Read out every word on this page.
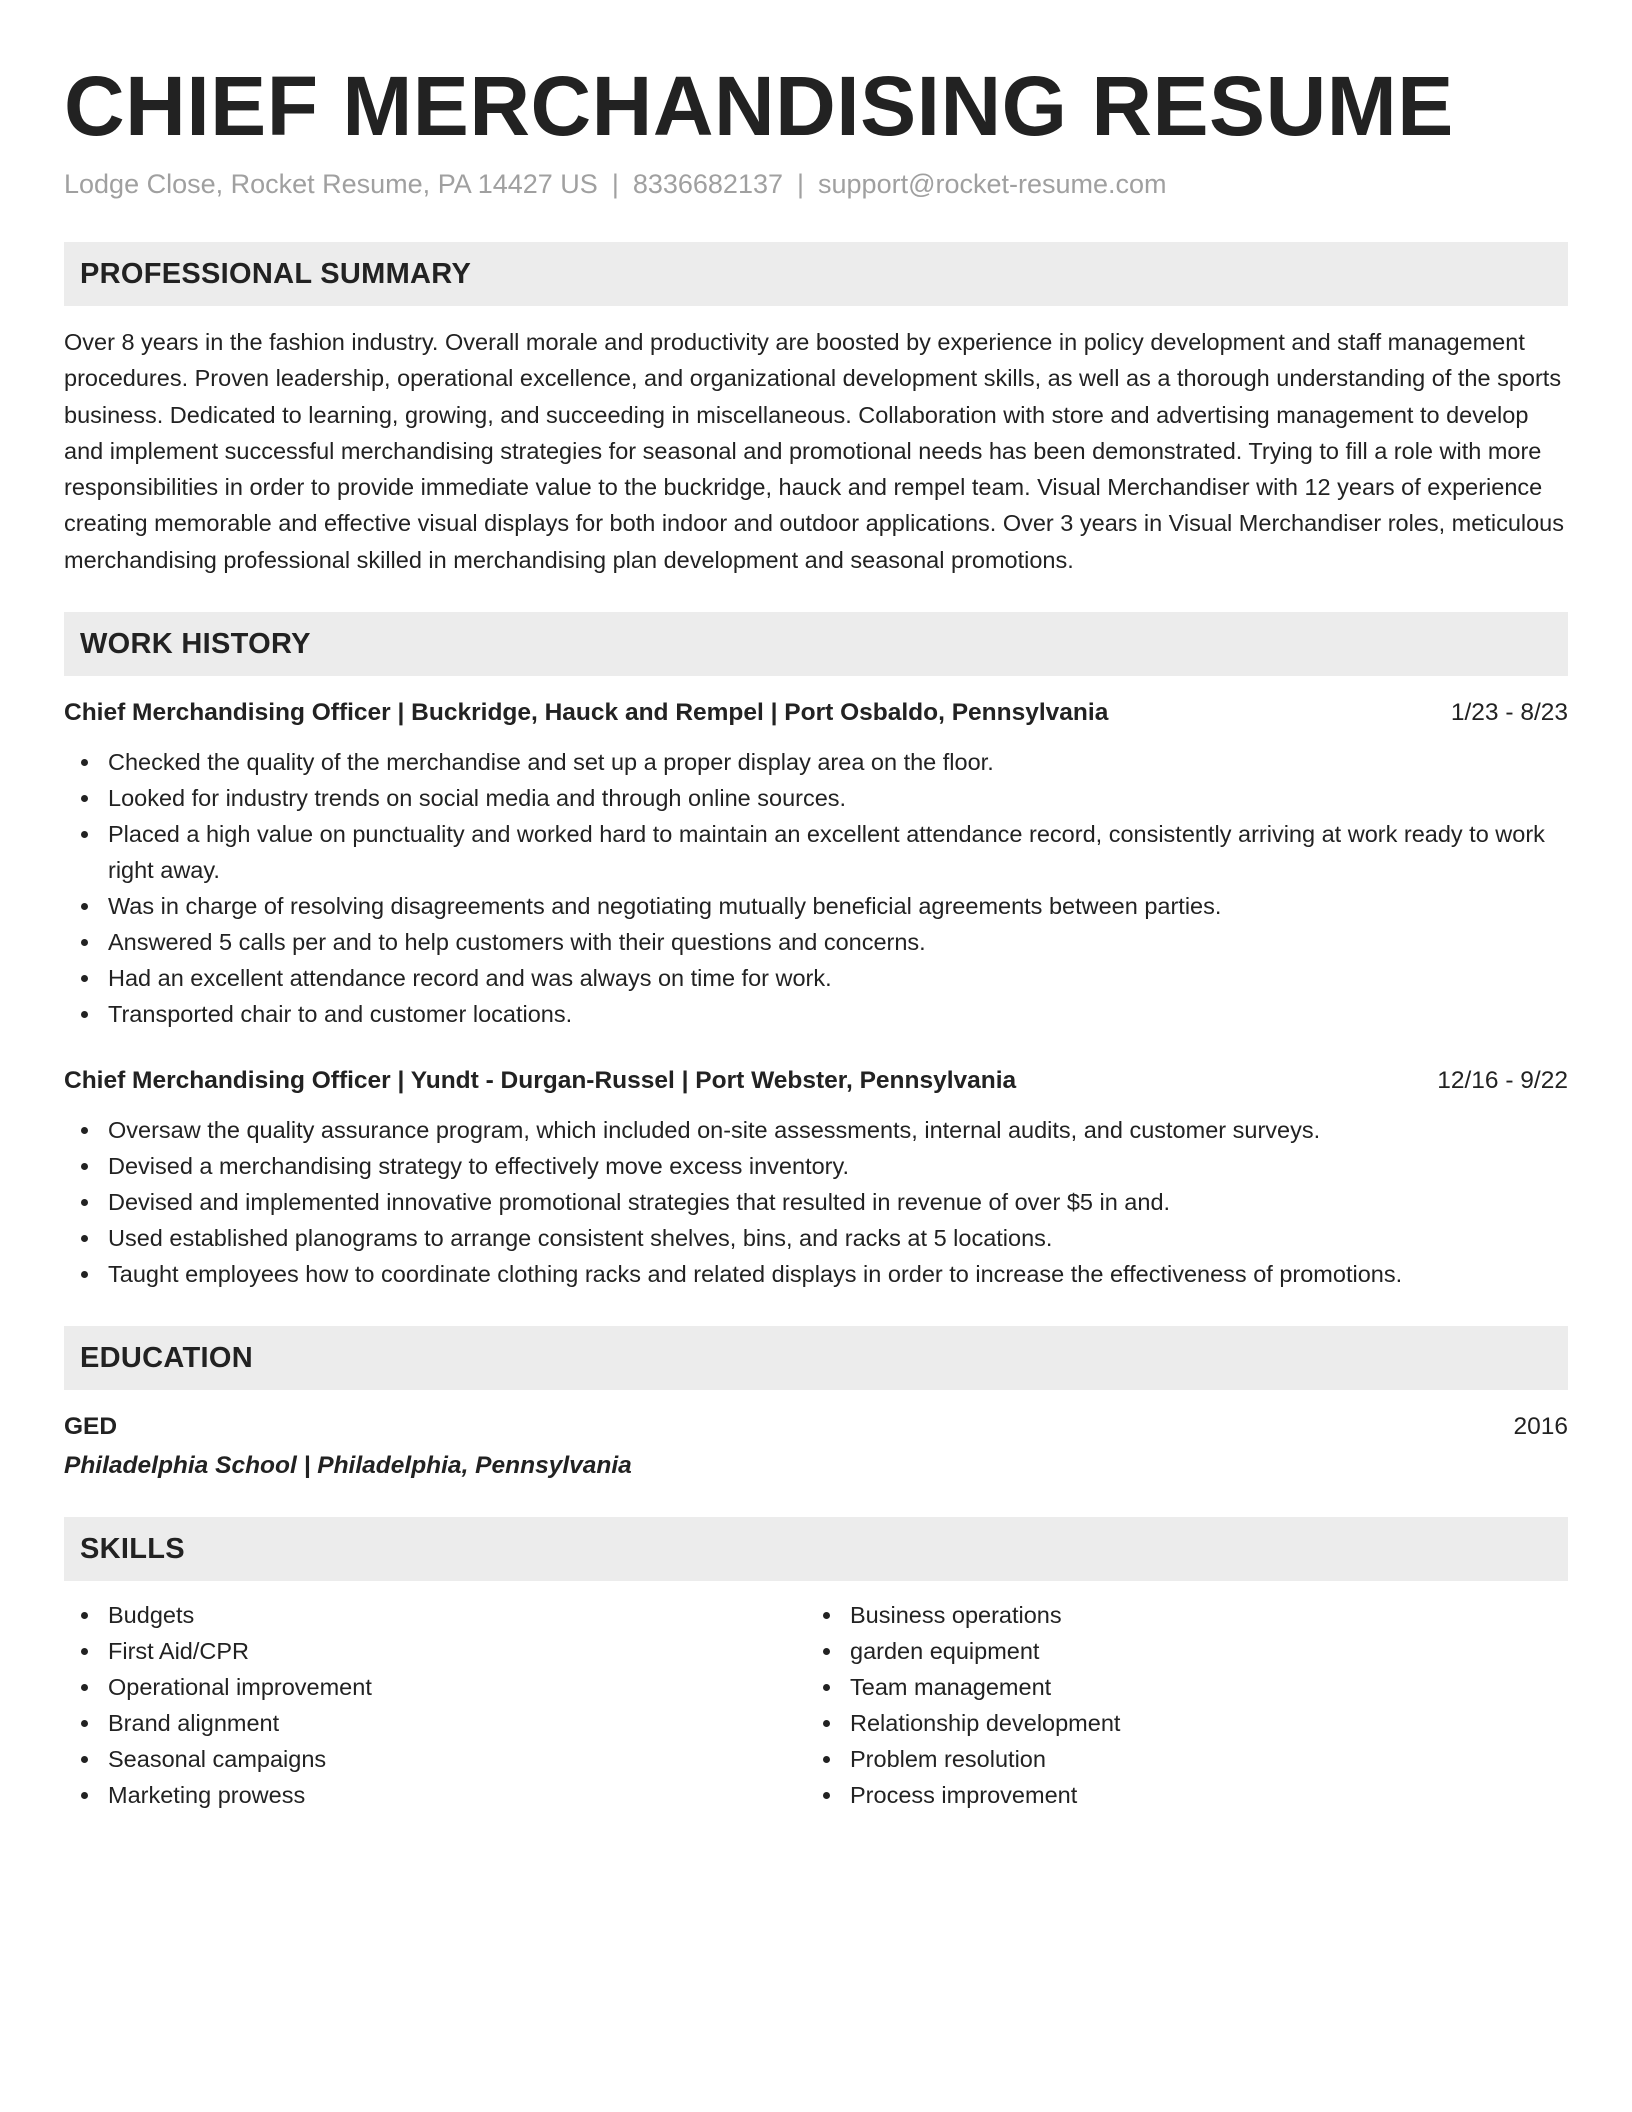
CHIEF MERCHANDISING RESUME
Lodge Close, Rocket Resume, PA 14427 US | 8336682137 | support@rocket-resume.com
PROFESSIONAL SUMMARY
Over 8 years in the fashion industry. Overall morale and productivity are boosted by experience in policy development and staff management procedures. Proven leadership, operational excellence, and organizational development skills, as well as a thorough understanding of the sports business. Dedicated to learning, growing, and succeeding in miscellaneous. Collaboration with store and advertising management to develop and implement successful merchandising strategies for seasonal and promotional needs has been demonstrated. Trying to fill a role with more responsibilities in order to provide immediate value to the buckridge, hauck and rempel team. Visual Merchandiser with 12 years of experience creating memorable and effective visual displays for both indoor and outdoor applications. Over 3 years in Visual Merchandiser roles, meticulous merchandising professional skilled in merchandising plan development and seasonal promotions.
WORK HISTORY
Chief Merchandising Officer | Buckridge, Hauck and Rempel | Port Osbaldo, Pennsylvania	1/23 - 8/23
Checked the quality of the merchandise and set up a proper display area on the floor.
Looked for industry trends on social media and through online sources.
Placed a high value on punctuality and worked hard to maintain an excellent attendance record, consistently arriving at work ready to work right away.
Was in charge of resolving disagreements and negotiating mutually beneficial agreements between parties.
Answered 5 calls per and to help customers with their questions and concerns.
Had an excellent attendance record and was always on time for work.
Transported chair to and customer locations.
Chief Merchandising Officer | Yundt - Durgan-Russel | Port Webster, Pennsylvania	12/16 - 9/22
Oversaw the quality assurance program, which included on-site assessments, internal audits, and customer surveys.
Devised a merchandising strategy to effectively move excess inventory.
Devised and implemented innovative promotional strategies that resulted in revenue of over $5 in and.
Used established planograms to arrange consistent shelves, bins, and racks at 5 locations.
Taught employees how to coordinate clothing racks and related displays in order to increase the effectiveness of promotions.
EDUCATION
GED	2016
Philadelphia School | Philadelphia, Pennsylvania
SKILLS
Budgets
First Aid/CPR
Operational improvement
Brand alignment
Seasonal campaigns
Marketing prowess
Business operations
garden equipment
Team management
Relationship development
Problem resolution
Process improvement
